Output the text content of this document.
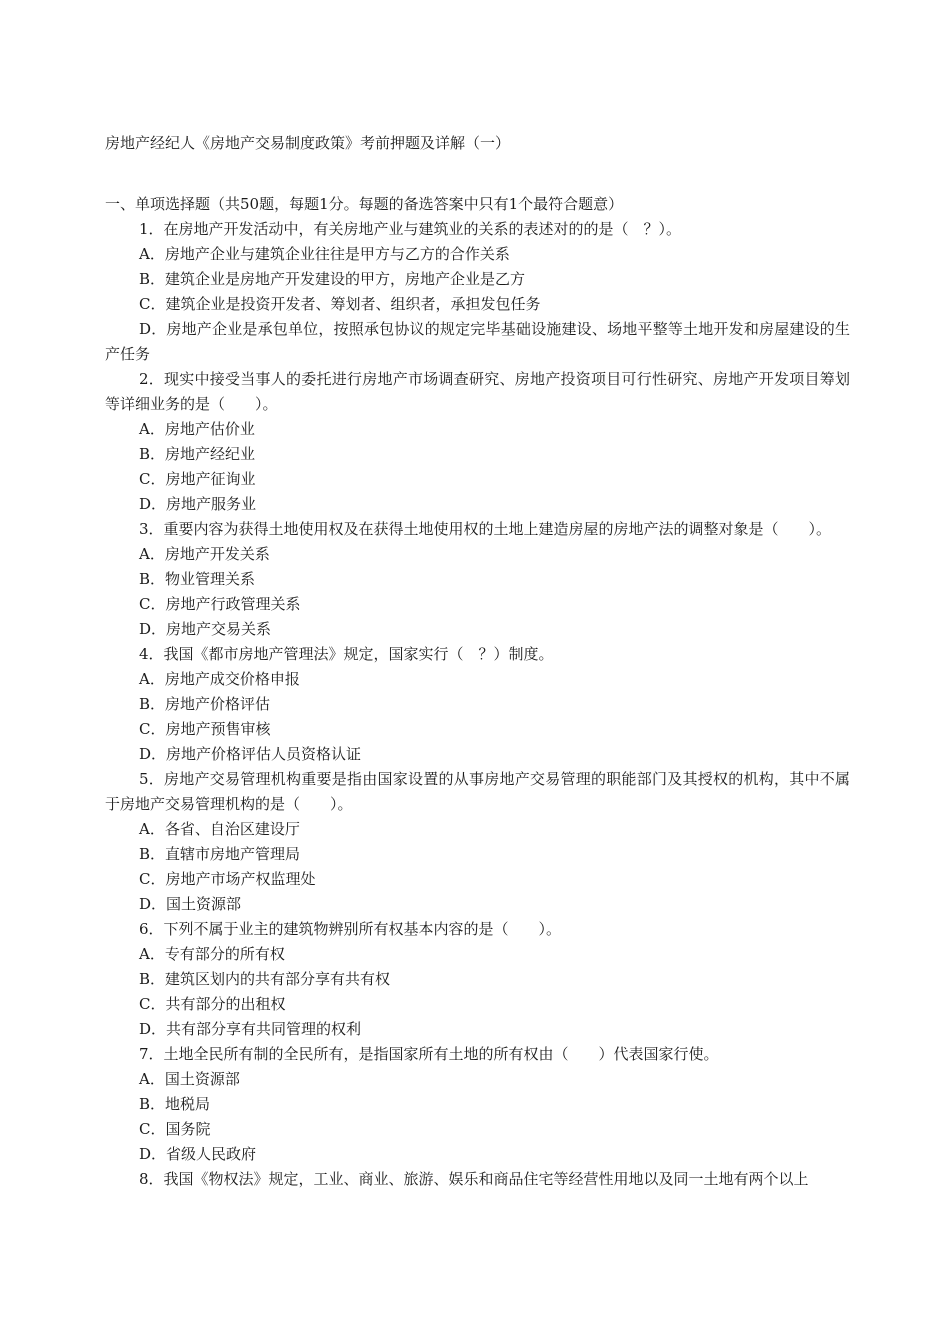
房地产经纪人《房地产交易制度政策》考前押题及详解（一）

一、单项选择题（共50题，每题1分。每题的备选答案中只有1个最符合题意）

1．在房地产开发活动中，有关房地产业与建筑业的关系的表述对的的是（　？）。

A．房地产企业与建筑企业往往是甲方与乙方的合作关系

B．建筑企业是房地产开发建设的甲方，房地产企业是乙方

C．建筑企业是投资开发者、筹划者、组织者，承担发包任务

D．房地产企业是承包单位，按照承包协议的规定完毕基础设施建设、场地平整等土地开发和房屋建设的生产任务

2．现实中接受当事人的委托进行房地产市场调查研究、房地产投资项目可行性研究、房地产开发项目筹划等详细业务的是（　　）。

A．房地产估价业

B．房地产经纪业

C．房地产征询业

D．房地产服务业

3．重要内容为获得土地使用权及在获得土地使用权的土地上建造房屋的房地产法的调整对象是（　　）。

A．房地产开发关系

B．物业管理关系

C．房地产行政管理关系

D．房地产交易关系

4．我国《都市房地产管理法》规定，国家实行（　？）制度。

A．房地产成交价格申报

B．房地产价格评估

C．房地产预售审核

D．房地产价格评估人员资格认证

5．房地产交易管理机构重要是指由国家设置的从事房地产交易管理的职能部门及其授权的机构，其中不属于房地产交易管理机构的是（　　）。

A．各省、自治区建设厅

B．直辖市房地产管理局

C．房地产市场产权监理处

D．国土资源部

6．下列不属于业主的建筑物辨别所有权基本内容的是（　　）。

A．专有部分的所有权

B．建筑区划内的共有部分享有共有权

C．共有部分的出租权

D．共有部分享有共同管理的权利

7．土地全民所有制的全民所有，是指国家所有土地的所有权由（　　）代表国家行使。

A．国土资源部

B．地税局

C．国务院

D．省级人民政府

8．我国《物权法》规定，工业、商业、旅游、娱乐和商品住宅等经营性用地以及同一土地有两个以上
